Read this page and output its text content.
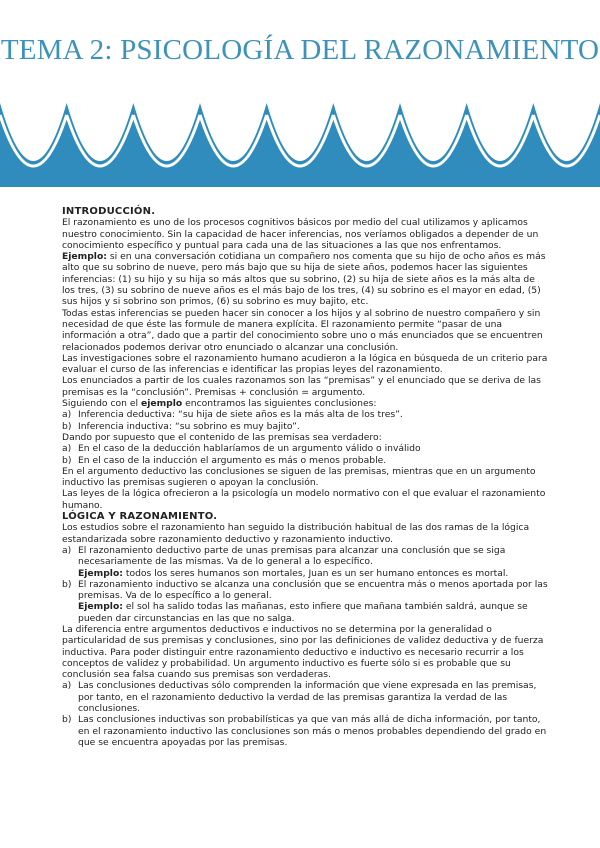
TEMA 2: PSICOLOGÍA DEL RAZONAMIENTO

INTRODUCCIÓN.

El razonamiento es uno de los procesos cognitivos básicos por medio del cual utilizamos y aplicamos nuestro conocimiento. Sin la capacidad de hacer inferencias, nos veríamos obligados a depender de un conocimiento específico y puntual para cada una de las situaciones a las que nos enfrentamos.

Ejemplo: si en una conversación cotidiana un compañero nos comenta que su hijo de ocho años es más alto que su sobrino de nueve, pero más bajo que su hija de siete años, podemos hacer las siguientes inferencias: (1) su hijo y su hija so más altos que su sobrino, (2) su hija de siete años es la más alta de los tres, (3) su sobrino de nueve años es el más bajo de los tres, (4) su sobrino es el mayor en edad, (5) sus hijos y si sobrino son primos, (6) su sobrino es muy bajito, etc.

Todas estas inferencias se pueden hacer sin conocer a los hijos y al sobrino de nuestro compañero y sin necesidad de que éste las formule de manera explícita. El razonamiento permite “pasar de una información a otra”, dado que a partir del conocimiento sobre uno o más enunciados que se encuentren relacionados podemos derivar otro enunciado o alcanzar una conclusión.

Las investigaciones sobre el razonamiento humano acudieron a la lógica en búsqueda de un criterio para evaluar el curso de las inferencias e identificar las propias leyes del razonamiento.

Los enunciados a partir de los cuales razonamos son las “premisas” y el enunciado que se deriva de las premisas es la “conclusión”. Premisas + conclusión = argumento.

Siguiendo con el ejemplo encontramos las siguientes conclusiones:

a) Inferencia deductiva: “su hija de siete años es la más alta de los tres”.
b) Inferencia inductiva: “su sobrino es muy bajito”.

Dando por supuesto que el contenido de las premisas sea verdadero:

a) En el caso de la deducción hablaríamos de un argumento válido o inválido
b) En el caso de la inducción el argumento es más o menos probable.

En el argumento deductivo las conclusiones se siguen de las premisas, mientras que en un argumento inductivo las premisas sugieren o apoyan la conclusión.

Las leyes de la lógica ofrecieron a la psicología un modelo normativo con el que evaluar el razonamiento humano.

LÓGICA Y RAZONAMIENTO.

Los estudios sobre el razonamiento han seguido la distribución habitual de las dos ramas de la lógica estandarizada sobre razonamiento deductivo y razonamiento inductivo.

a) El razonamiento deductivo parte de unas premisas para alcanzar una conclusión que se siga necesariamente de las mismas. Va de lo general a lo específico.
Ejemplo: todos los seres humanos son mortales, Juan es un ser humano entonces es mortal.
b) El razonamiento inductivo se alcanza una conclusión que se encuentra más o menos aportada por las premisas. Va de lo específico a lo general.
Ejemplo: el sol ha salido todas las mañanas, esto infiere que mañana también saldrá, aunque se pueden dar circunstancias en las que no salga.

La diferencia entre argumentos deductivos e inductivos no se determina por la generalidad o particularidad de sus premisas y conclusiones, sino por las definiciones de validez deductiva y de fuerza inductiva. Para poder distinguir entre razonamiento deductivo e inductivo es necesario recurrir a los conceptos de validez y probabilidad. Un argumento inductivo es fuerte sólo si es probable que su conclusión sea falsa cuando sus premisas son verdaderas.

a) Las conclusiones deductivas sólo comprenden la información que viene expresada en las premisas, por tanto, en el razonamiento deductivo la verdad de las premisas garantiza la verdad de las conclusiones.
b) Las conclusiones inductivas son probabilísticas ya que van más allá de dicha información, por tanto, en el razonamiento inductivo las conclusiones son más o menos probables dependiendo del grado en que se encuentra apoyadas por las premisas.
